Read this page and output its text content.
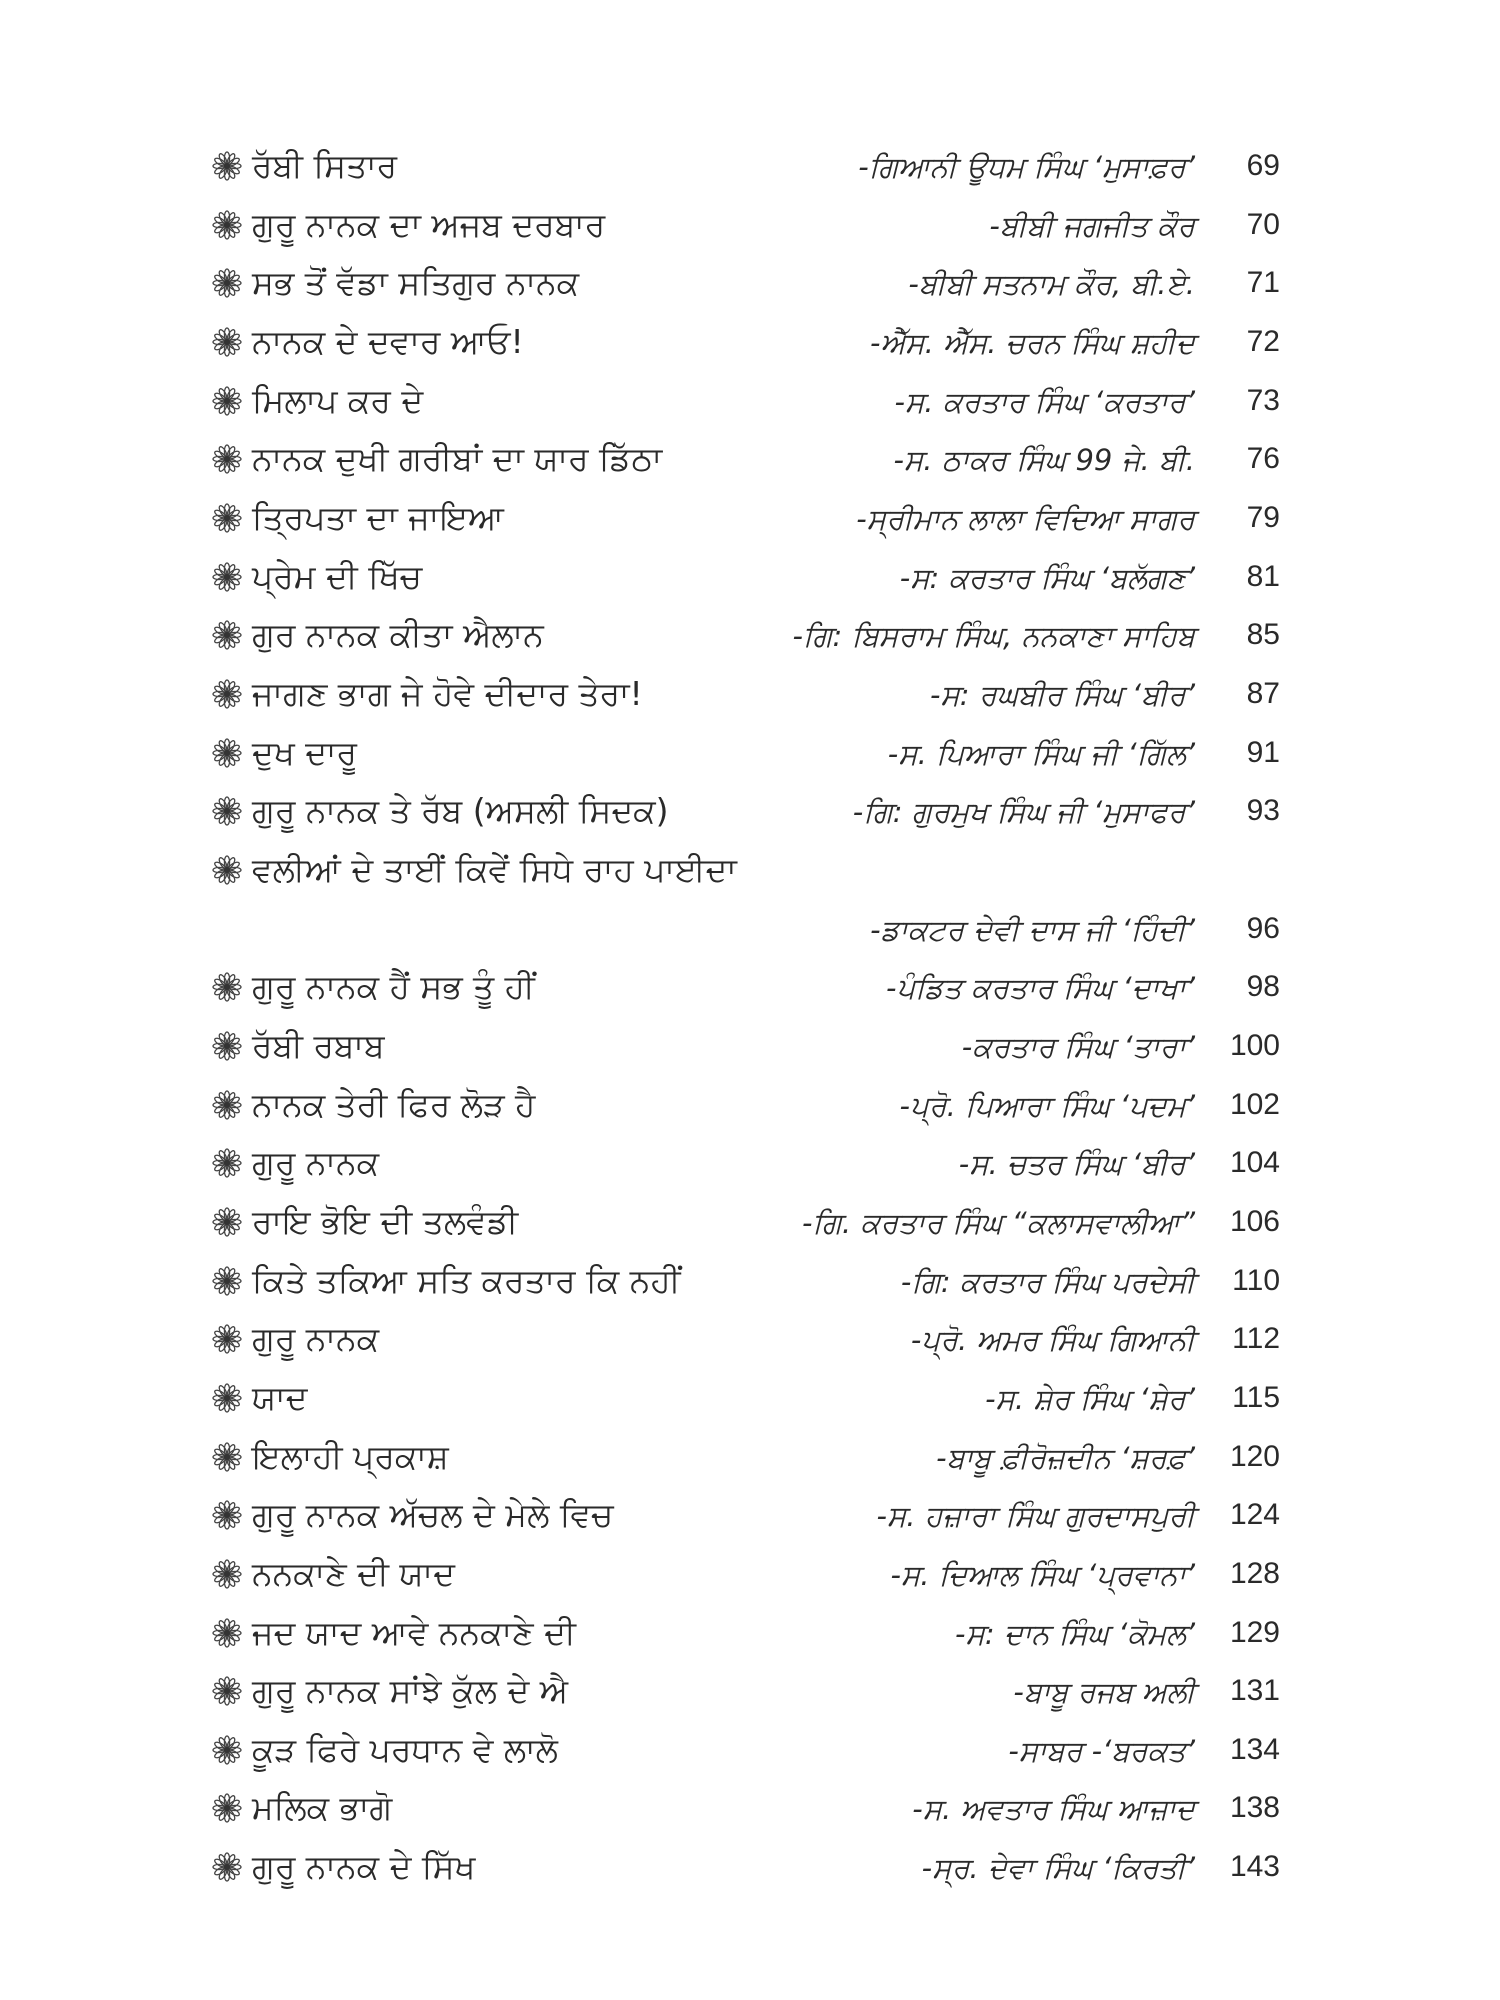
ਰੱਬੀ ਸਿਤਾਰ	-ਗਿਆਨੀ ਊਧਮ ਸਿੰਘ ‘ਮੁਸਾਫ਼ਰ’ 69
ਗੁਰੂ ਨਾਨਕ ਦਾ ਅਜਬ ਦਰਬਾਰ	-ਬੀਬੀ ਜਗਜੀਤ ਕੌਰ 70
ਸਭ ਤੋਂ ਵੱਡਾ ਸਤਿਗੁਰ ਨਾਨਕ	-ਬੀਬੀ ਸਤਨਾਮ ਕੌਰ, ਬੀ.ਏ. 71
ਨਾਨਕ ਦੇ ਦਵਾਰ ਆਓ!	-ਐੱਸ. ਐੱਸ. ਚਰਨ ਸਿੰਘ ਸ਼ਹੀਦ 72
ਮਿਲਾਪ ਕਰ ਦੇ	-ਸ. ਕਰਤਾਰ ਸਿੰਘ ‘ਕਰਤਾਰ’ 73
ਨਾਨਕ ਦੁਖੀ ਗਰੀਬਾਂ ਦਾ ਯਾਰ ਡਿੱਠਾ	-ਸ. ਠਾਕਰ ਸਿੰਘ 99 ਜੇ. ਬੀ. 76
ਤ੍ਰਿਪਤਾ ਦਾ ਜਾਇਆ	-ਸ੍ਰੀਮਾਨ ਲਾਲਾ ਵਿਦਿਆ ਸਾਗਰ 79
ਪ੍ਰੇਮ ਦੀ ਖਿੱਚ	-ਸ: ਕਰਤਾਰ ਸਿੰਘ ‘ਬਲੱਗਣ’ 81
ਗੁਰ ਨਾਨਕ ਕੀਤਾ ਐਲਾਨ	-ਗਿ: ਬਿਸਰਾਮ ਸਿੰਘ, ਨਨਕਾਣਾ ਸਾਹਿਬ 85
ਜਾਗਣ ਭਾਗ ਜੇ ਹੋਵੇ ਦੀਦਾਰ ਤੇਰਾ!	-ਸ: ਰਘਬੀਰ ਸਿੰਘ ‘ਬੀਰ’ 87
ਦੁਖ ਦਾਰੂ	-ਸ. ਪਿਆਰਾ ਸਿੰਘ ਜੀ ‘ਗਿੱਲ’ 91
ਗੁਰੂ ਨਾਨਕ ਤੇ ਰੱਬ (ਅਸਲੀ ਸਿਦਕ)	-ਗਿ: ਗੁਰਮੁਖ ਸਿੰਘ ਜੀ ‘ਮੁਸਾਫਰ’ 93
ਵਲੀਆਂ ਦੇ ਤਾਈਂ ਕਿਵੇਂ ਸਿਧੇ ਰਾਹ ਪਾਈਦਾ
-ਡਾਕਟਰ ਦੇਵੀ ਦਾਸ ਜੀ ‘ਹਿੰਦੀ’ 96
ਗੁਰੂ ਨਾਨਕ ਹੈਂ ਸਭ ਤੂੰ ਹੀਂ	-ਪੰਡਿਤ ਕਰਤਾਰ ਸਿੰਘ ‘ਦਾਖਾ’ 98
ਰੱਬੀ ਰਬਾਬ	-ਕਰਤਾਰ ਸਿੰਘ ‘ਤਾਰਾ’ 100
ਨਾਨਕ ਤੇਰੀ ਫਿਰ ਲੋੜ ਹੈ	-ਪ੍ਰੋ. ਪਿਆਰਾ ਸਿੰਘ ‘ਪਦਮ’ 102
ਗੁਰੂ ਨਾਨਕ	-ਸ. ਚਤਰ ਸਿੰਘ ‘ਬੀਰ’ 104
ਰਾਇ ਭੋਇ ਦੀ ਤਲਵੰਡੀ	-ਗਿ. ਕਰਤਾਰ ਸਿੰਘ “ਕਲਾਸਵਾਲੀਆ” 106
ਕਿਤੇ ਤਕਿਆ ਸਤਿ ਕਰਤਾਰ ਕਿ ਨਹੀਂ	-ਗਿ: ਕਰਤਾਰ ਸਿੰਘ ਪਰਦੇਸੀ 110
ਗੁਰੂ ਨਾਨਕ	-ਪ੍ਰੋ. ਅਮਰ ਸਿੰਘ ਗਿਆਨੀ 112
ਯਾਦ	-ਸ. ਸ਼ੇਰ ਸਿੰਘ ‘ਸ਼ੇਰ’ 115
ਇਲਾਹੀ ਪ੍ਰਕਾਸ਼	-ਬਾਬੂ ਫ਼ੀਰੋਜ਼ਦੀਨ ‘ਸ਼ਰਫ਼’ 120
ਗੁਰੂ ਨਾਨਕ ਅੱਚਲ ਦੇ ਮੇਲੇ ਵਿਚ	-ਸ. ਹਜ਼ਾਰਾ ਸਿੰਘ ਗੁਰਦਾਸਪੁਰੀ 124
ਨਨਕਾਣੇ ਦੀ ਯਾਦ	-ਸ. ਦਿਆਲ ਸਿੰਘ ‘ਪ੍ਰਵਾਨਾ’ 128
ਜਦ ਯਾਦ ਆਵੇ ਨਨਕਾਣੇ ਦੀ	-ਸ: ਦਾਨ ਸਿੰਘ ‘ਕੋਮਲ’ 129
ਗੁਰੂ ਨਾਨਕ ਸਾਂਝੇ ਕੁੱਲ ਦੇ ਐ	-ਬਾਬੂ ਰਜਬ ਅਲੀ 131
ਕੂੜ ਫਿਰੇ ਪਰਧਾਨ ਵੇ ਲਾਲੋ	-ਸਾਬਰ -‘ਬਰਕਤ’ 134
ਮਲਿਕ ਭਾਗੋ	-ਸ. ਅਵਤਾਰ ਸਿੰਘ ਆਜ਼ਾਦ 138
ਗੁਰੂ ਨਾਨਕ ਦੇ ਸਿੱਖ	-ਸ੍ਰ. ਦੇਵਾ ਸਿੰਘ ‘ਕਿਰਤੀ’ 143
